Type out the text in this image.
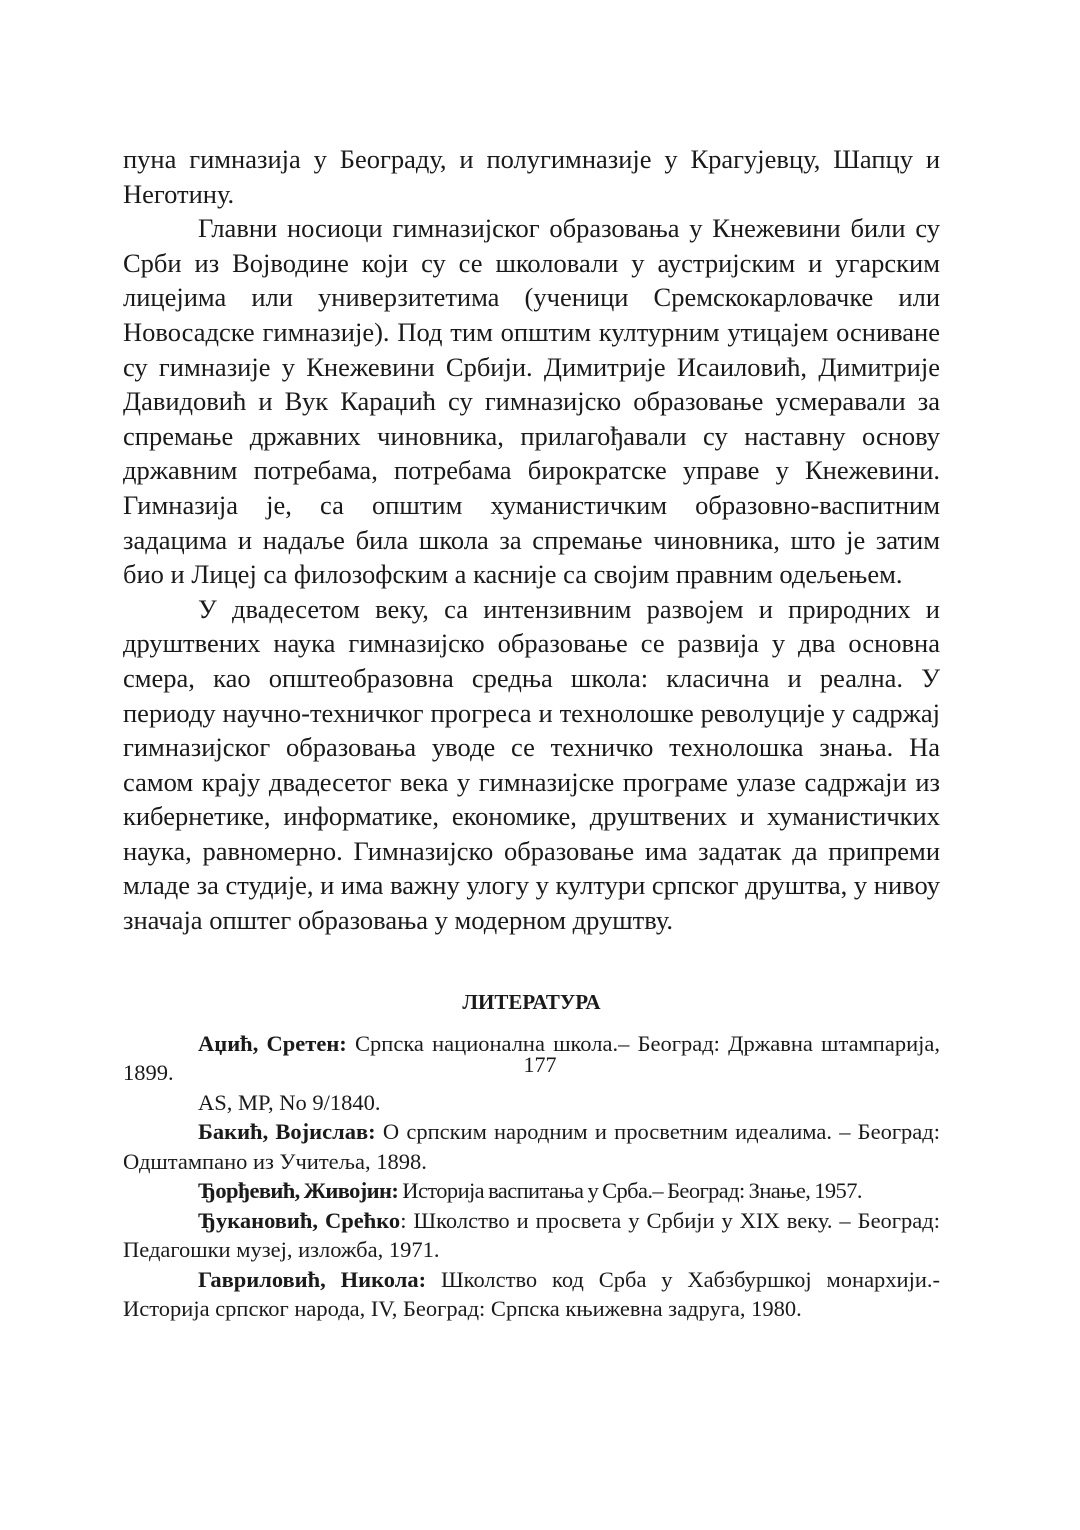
пуна гимназија у Београду, и полугимназије у Крагујевцу, Шапцу и Неготину.

Главни носиоци гимназијског образовања у Кнежевини били су Срби из Војводине који су се школовали у аустријским и угарским лицејима или универзитетима (ученици Сремскокарловачке или Новосадске гимназије). Под тим општим културним утицајем осниване су гимназије у Кнежевини Србији. Димитрије Исаиловић, Димитрије Давидовић и Вук Караџић су гимназијско образовање усмеравали за спремање државних чиновника, прилагођавали су наставну основу државним потребама, потребама бирократске управе у Кнежевини. Гимназија је, са општим хуманистичким образовно-васпитним задацима и надаље била школа за спремање чиновника, што је затим био и Лицеј са филозофским а касније са својим правним одељењем.

У двадесетом веку, са интензивним развојем и природних и друштвених наука гимназијско образовање се развија у два основна смера, као општеобразовна средња школа: класична и реална. У периоду научно-техничког прогреса и технолошке револуције у садржај гимназијског образовања уводе се техничко технолошка знања. На самом крају двадесетог века у гимназијске програме улазе садржаји из кибернетике, информатике, економике, друштвених и хуманистичких наука, равномерно. Гимназијско образовање има задатак да припреми младе за студије, и има важну улогу у култури српског друштва, у нивоу значаја општег образовања у модерном друштву.

ЛИТЕРАТУРА

Аџић, Сретен: Српска национална школа.– Београд: Државна штампарија, 1899.

AS, MP, No 9/1840.

Бакић, Војислав: О српским народним и просветним идеалима. – Београд: Одштампано из Учитеља, 1898.

Ђорђевић, Живојин: Историја васпитања у Срба.– Београд: Знање, 1957.

Ђукановић, Срећко: Школство и просвета у Србији у XIX веку. – Београд: Педагошки музеј, изложба, 1971.

Гавриловић, Никола: Школство код Срба у Хабзбуршкој монархији.- Историја српског народа, IV, Београд: Српска књижевна задруга, 1980.

177
